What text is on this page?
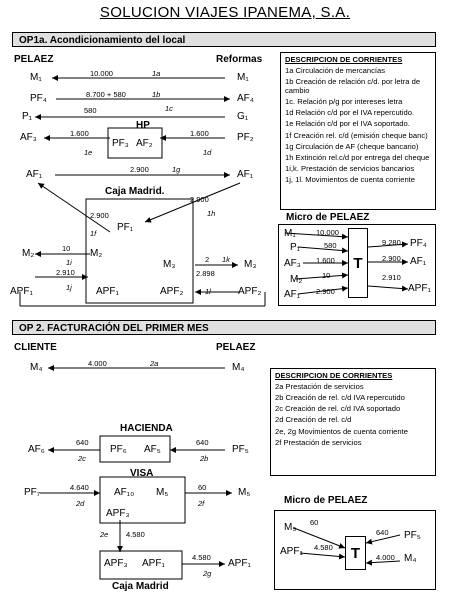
SOLUCION VIAJES IPANEMA, S.A.
OP1a. Acondicionamiento del local
PELAEZ	Reformas
M₁	M₁
PF₄	AF₄
P₁	G₁
AF₃	PF₂
PF₃ AF₂
HP
AF₁	AF₁
Caja Madrid.
PF₁
M₂	M₂
M₃	M₃
APF₁	APF₁	APF₂	APF₂
10.000	1a
8.700 + 580	1b
580	1c
1.600	1.600
1e	1d
2.900	1g
2.900
1h
2.900
1f
10
1i
2.910
1j
2 1k
2.898
1l
DESCRIPCION DE CORRIENTES
1a Circulación de mercancías
1b Creación de relación c/d. por letra de cambio
1c. Relación p/g por intereses letra
1d Relación c/d por el IVA repercutido.
1e Relación c/d por el IVA soportado.
1f Creación rel. c/d (emisión cheque banc)
1g Circulación de AF (cheque bancario)
1h Extinción rel.c/d por entrega del cheque
1i,k. Prestación de servicios bancarios
1j, 1l. Movimientos de cuenta corriente
Micro de PELAEZ
T
M₁
P₁
AF₃
M₂
AF₁
10.000
580
1.600
10
2.900
PF₄
AF₁
APF₁
9.280
2.900
2.910
OP 2. FACTURACIÓN DEL PRIMER MES
CLIENTE	PELAEZ
M₄	M₄
4.000	2a
HACIENDA
AF₆	PF₆ AF₅	PF₅
640
2c
640
2b
VISA
PF₇	AF₁₀ M₅	M₅
APF₃
4.640
2d
60
2f
2e 4.580
APF₃ APF₁	APF₁
4.580
2g
Caja Madrid
DESCRIPCION DE CORRIENTES
2a Prestación de servicios
2b Creación de rel. c/d IVA repercutido
2c Creación de rel. c/d IVA soportado
2d Creación de rel. c/d
2e, 2g Movimientos de cuenta corriente
2f Prestación de servicios
Micro de PELAEZ
T
M₅
APF₁
60
4.580
PF₅
M₄
640
4.000
